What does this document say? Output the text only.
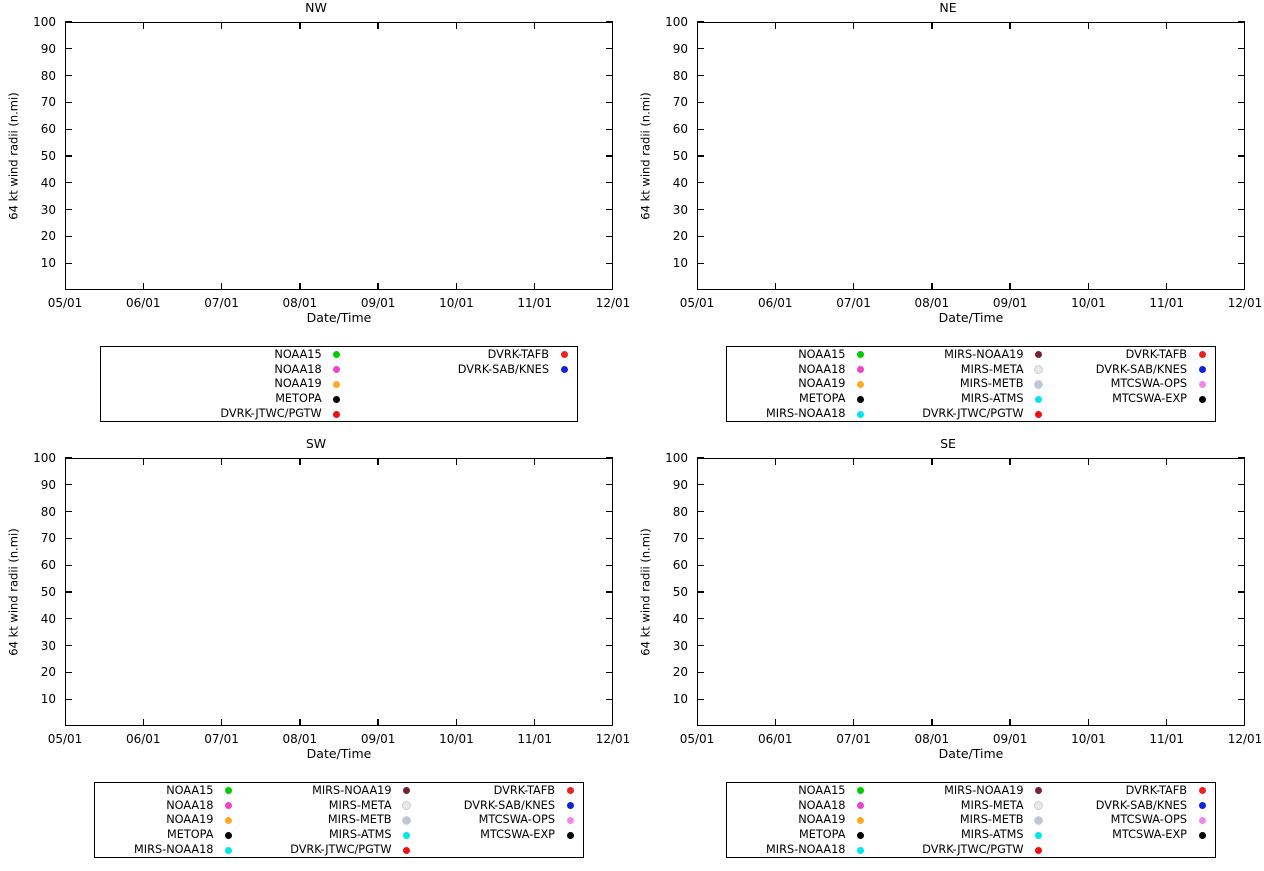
NW
64 kt wind radii (n.mi)
10
20
30
40
50
60
70
80
90
100
05/01	06/01	07/01	08/01	09/01	10/01	11/01	12/01
Date/Time
NOAA15		DVRK-TAFB	
NOAA18		DVRK-SAB/KNES	
NOAA19			
METOPA			
DVRK-JTWC/PGTW			
NE
64 kt wind radii (n.mi)
10
20
30
40
50
60
70
80
90
100
05/01	06/01	07/01	08/01	09/01	10/01	11/01	12/01
Date/Time
NOAA15		MIRS-NOAA19		DVRK-TAFB	
NOAA18		MIRS-META		DVRK-SAB/KNES	
NOAA19		MIRS-METB		MTCSWA-OPS	
METOPA		MIRS-ATMS		MTCSWA-EXP	
MIRS-NOAA18		DVRK-JTWC/PGTW			
SW
64 kt wind radii (n.mi)
10
20
30
40
50
60
70
80
90
100
05/01	06/01	07/01	08/01	09/01	10/01	11/01	12/01
Date/Time
NOAA15		MIRS-NOAA19		DVRK-TAFB	
NOAA18		MIRS-META		DVRK-SAB/KNES	
NOAA19		MIRS-METB		MTCSWA-OPS	
METOPA		MIRS-ATMS		MTCSWA-EXP	
MIRS-NOAA18		DVRK-JTWC/PGTW			
SE
64 kt wind radii (n.mi)
10
20
30
40
50
60
70
80
90
100
05/01	06/01	07/01	08/01	09/01	10/01	11/01	12/01
Date/Time
NOAA15		MIRS-NOAA19		DVRK-TAFB	
NOAA18		MIRS-META		DVRK-SAB/KNES	
NOAA19		MIRS-METB		MTCSWA-OPS	
METOPA		MIRS-ATMS		MTCSWA-EXP	
MIRS-NOAA18		DVRK-JTWC/PGTW			
